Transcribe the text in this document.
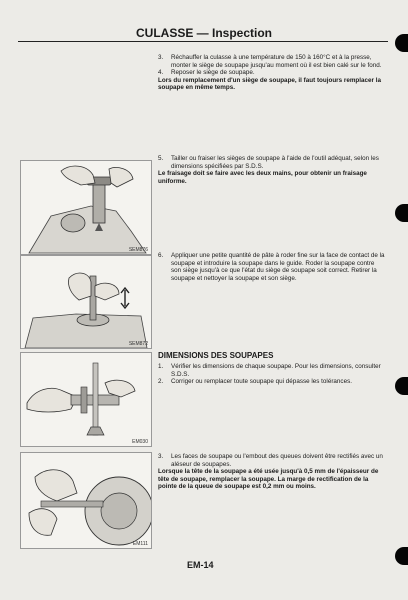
CULASSE — Inspection

3. Réchauffer la culasse à une température de 150 à 160°C et à la presse, monter le siège de soupape jusqu'au moment où il est bien calé sur le fond.

4. Reposer le siège de soupape.

Lors du remplacement d'un siège de soupape, il faut toujours remplacer la soupape en même temps.

SEM876

5. Tailler ou fraiser les sièges de soupape à l'aide de l'outil adéquat, selon les dimensions spécifiées par S.D.S.

Le fraisage doit se faire avec les deux mains, pour obtenir un fraisage uniforme.

SEM872

6. Appliquer une petite quantité de pâte à roder fine sur la face de contact de la soupape et introduire la soupape dans le guide. Roder la soupape contre son siège jusqu'à ce que l'état du siège de soupape soit correct. Retirer la soupape et nettoyer la soupape et son siège.

DIMENSIONS DES SOUPAPES
EM030

1. Vérifier les dimensions de chaque soupape. Pour les dimensions, consulter S.D.S.

2. Corriger ou remplacer toute soupape qui dépasse les tolérances.

EM111

3. Les faces de soupape ou l'embout des queues doivent être rectifiés avec un aléseur de soupapes.

Lorsque la tête de la soupape a été usée jusqu'à 0,5 mm de l'épaisseur de tête de soupape, remplacer la soupape. La marge de rectification de la pointe de la queue de soupape est 0,2 mm ou moins.

EM-14
